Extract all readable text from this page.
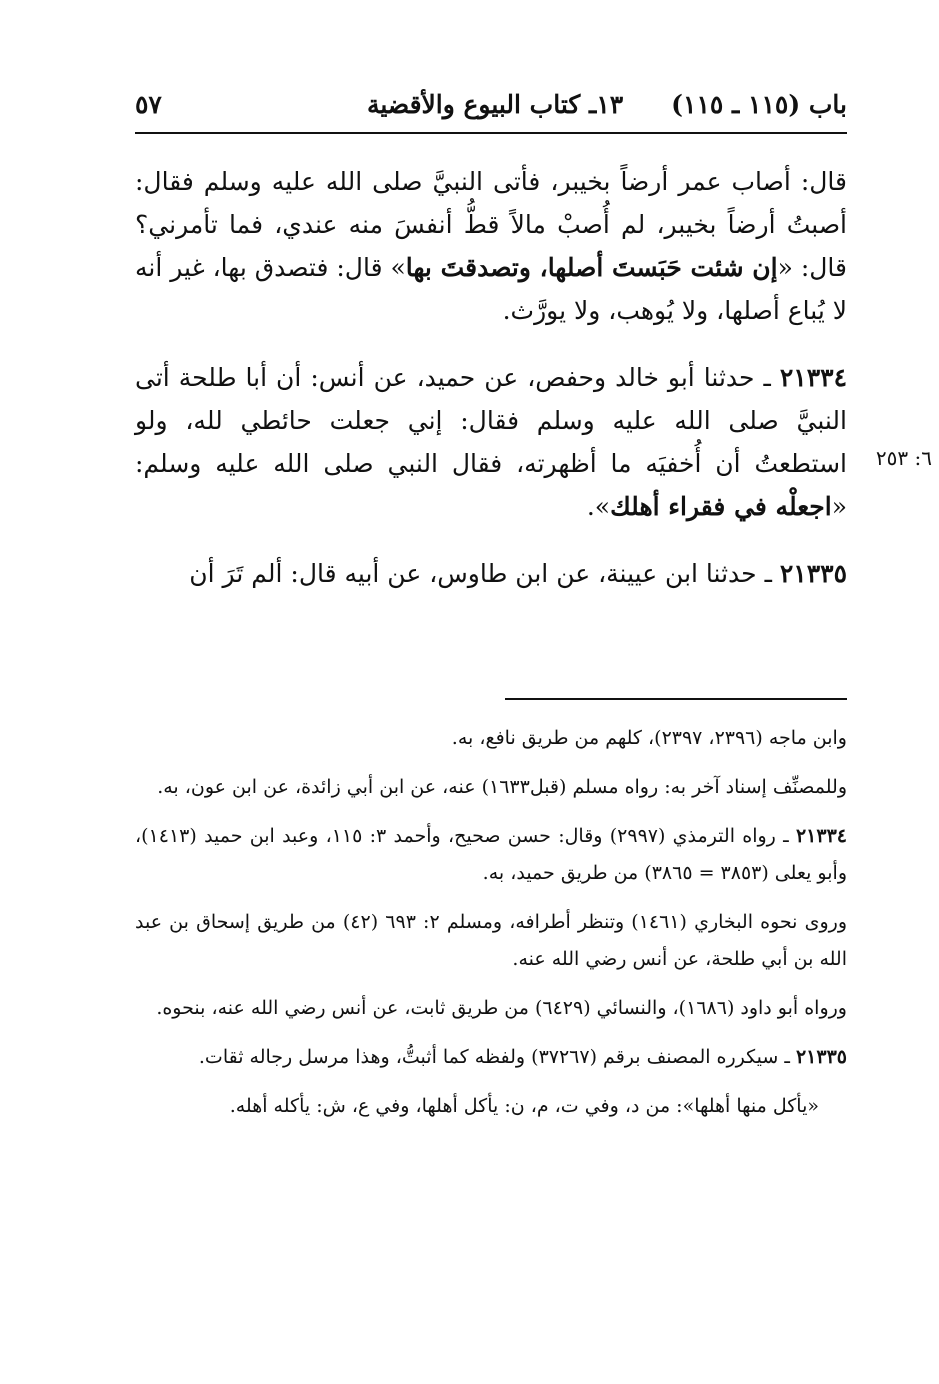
باب (١١٥ ـ ١١٥)
١٣ـ كتاب البيوع والأقضية
٥٧

قال: أصاب عمر أرضاً بخيبر، فأتى النبيَّ صلى الله عليه وسلم فقال: أصبتُ أرضاً بخيبر، لم أُصبْ مالاً قطُّ أنفسَ منه عندي، فما تأمرني؟ قال: «إن شئت حَبَستَ أصلها، وتصدقتَ بها» قال: فتصدق بها، غير أنه لا يُباع أصلها، ولا يُوهب، ولا يورَّث.

٢١٣٣٤ ـ حدثنا أبو خالد وحفص، عن حميد، عن أنس: أن أبا طلحة أتى النبيَّ صلى الله عليه وسلم فقال: إني جعلت حائطي لله، ولو استطعتُ أن أُخفيَه ما أظهرته، فقال النبي صلى الله عليه وسلم: «اجعلْه في فقراء أهلك».

٢١٣٣٥ ـ حدثنا ابن عيينة، عن ابن طاوس، عن أبيه قال: ألم تَرَ أن

٦: ٢٥٣

وابن ماجه (٢٣٩٦، ٢٣٩٧)، كلهم من طريق نافع، به.

وللمصنِّف إسناد آخر به: رواه مسلم (قبل١٦٣٣) عنه، عن ابن أبي زائدة، عن ابن عون، به.

٢١٣٣٤ ـ رواه الترمذي (٢٩٩٧) وقال: حسن صحيح، وأحمد ٣: ١١٥، وعبد ابن حميد (١٤١٣)، وأبو يعلى (٣٨٥٣ = ٣٨٦٥) من طريق حميد، به.

وروى نحوه البخاري (١٤٦١) وتنظر أطرافه، ومسلم ٢: ٦٩٣ (٤٢) من طريق إسحاق بن عبد الله بن أبي طلحة، عن أنس رضي الله عنه.

ورواه أبو داود (١٦٨٦)، والنسائي (٦٤٢٩) من طريق ثابت، عن أنس رضي الله عنه، بنحوه.

٢١٣٣٥ ـ سيكرره المصنف برقم (٣٧٢٦٧) ولفظه كما أثبتُّ، وهذا مرسل رجاله ثقات.

«يأكل منها أهلها»: من د، وفي ت، م، ن: يأكل أهلها، وفي ع، ش: يأكله أهله.
